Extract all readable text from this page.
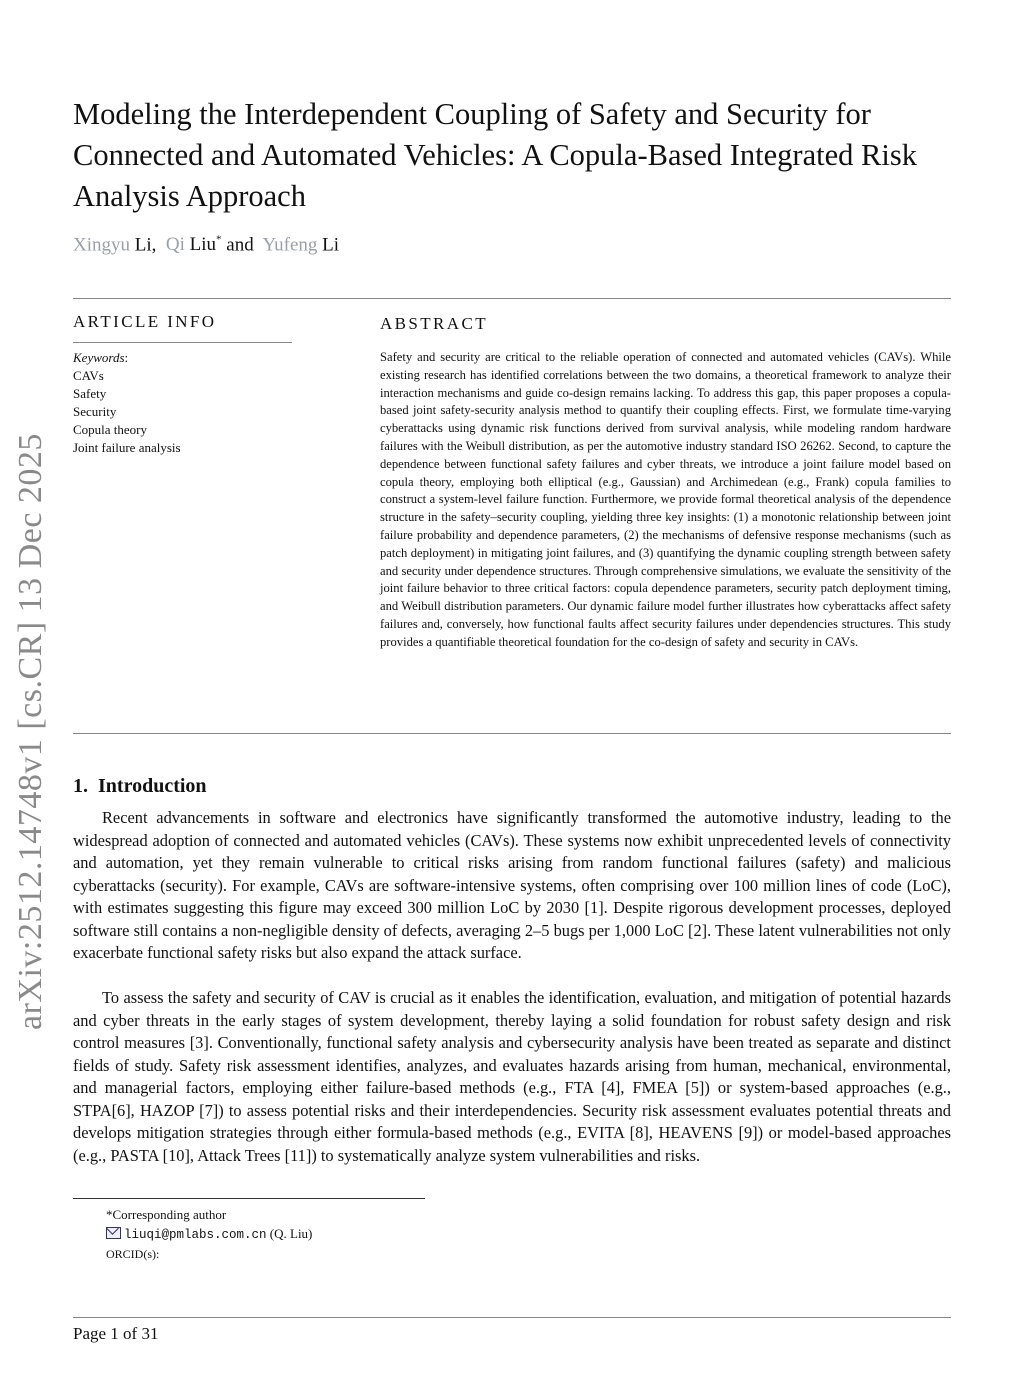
arXiv:2512.14748v1 [cs.CR] 13 Dec 2025
Modeling the Interdependent Coupling of Safety and Security for Connected and Automated Vehicles: A Copula-Based Integrated Risk Analysis Approach
Xingyu Li, Qi Liu* and Yufeng Li
ARTICLE INFO
Keywords:
CAVs
Safety
Security
Copula theory
Joint failure analysis
ABSTRACT

Safety and security are critical to the reliable operation of connected and automated vehicles (CAVs). While existing research has identified correlations between the two domains, a theoretical framework to analyze their interaction mechanisms and guide co-design remains lacking. To address this gap, this paper proposes a copula-based joint safety-security analysis method to quantify their coupling effects. First, we formulate time-varying cyberattacks using dynamic risk functions derived from survival analysis, while modeling random hardware failures with the Weibull distribution, as per the automotive industry standard ISO 26262. Second, to capture the dependence between functional safety failures and cyber threats, we introduce a joint failure model based on copula theory, employing both elliptical (e.g., Gaussian) and Archimedean (e.g., Frank) copula families to construct a system-level failure function. Furthermore, we provide formal theoretical analysis of the dependence structure in the safety–security coupling, yielding three key insights: (1) a monotonic relationship between joint failure probability and dependence parameters, (2) the mechanisms of defensive response mechanisms (such as patch deployment) in mitigating joint failures, and (3) quantifying the dynamic coupling strength between safety and security under dependence structures. Through comprehensive simulations, we evaluate the sensitivity of the joint failure behavior to three critical factors: copula dependence parameters, security patch deployment timing, and Weibull distribution parameters. Our dynamic failure model further illustrates how cyberattacks affect safety failures and, conversely, how functional faults affect security failures under dependencies structures. This study provides a quantifiable theoretical foundation for the co-design of safety and security in CAVs.

1. Introduction

Recent advancements in software and electronics have significantly transformed the automotive industry, leading to the widespread adoption of connected and automated vehicles (CAVs). These systems now exhibit unprecedented levels of connectivity and automation, yet they remain vulnerable to critical risks arising from random functional failures (safety) and malicious cyberattacks (security). For example, CAVs are software-intensive systems, often comprising over 100 million lines of code (LoC), with estimates suggesting this figure may exceed 300 million LoC by 2030 [1]. Despite rigorous development processes, deployed software still contains a non-negligible density of defects, averaging 2–5 bugs per 1,000 LoC [2]. These latent vulnerabilities not only exacerbate functional safety risks but also expand the attack surface.

To assess the safety and security of CAV is crucial as it enables the identification, evaluation, and mitigation of potential hazards and cyber threats in the early stages of system development, thereby laying a solid foundation for robust safety design and risk control measures [3]. Conventionally, functional safety analysis and cybersecurity analysis have been treated as separate and distinct fields of study. Safety risk assessment identifies, analyzes, and evaluates hazards arising from human, mechanical, environmental, and managerial factors, employing either failure-based methods (e.g., FTA [4], FMEA [5]) or system-based approaches (e.g., STPA[6], HAZOP [7]) to assess potential risks and their interdependencies. Security risk assessment evaluates potential threats and develops mitigation strategies through either formula-based methods (e.g., EVITA [8], HEAVENS [9]) or model-based approaches (e.g., PASTA [10], Attack Trees [11]) to systematically analyze system vulnerabilities and risks.

*Corresponding author
liuqi@pmlabs.com.cn (Q. Liu)
ORCID(s):
Page 1 of 31
